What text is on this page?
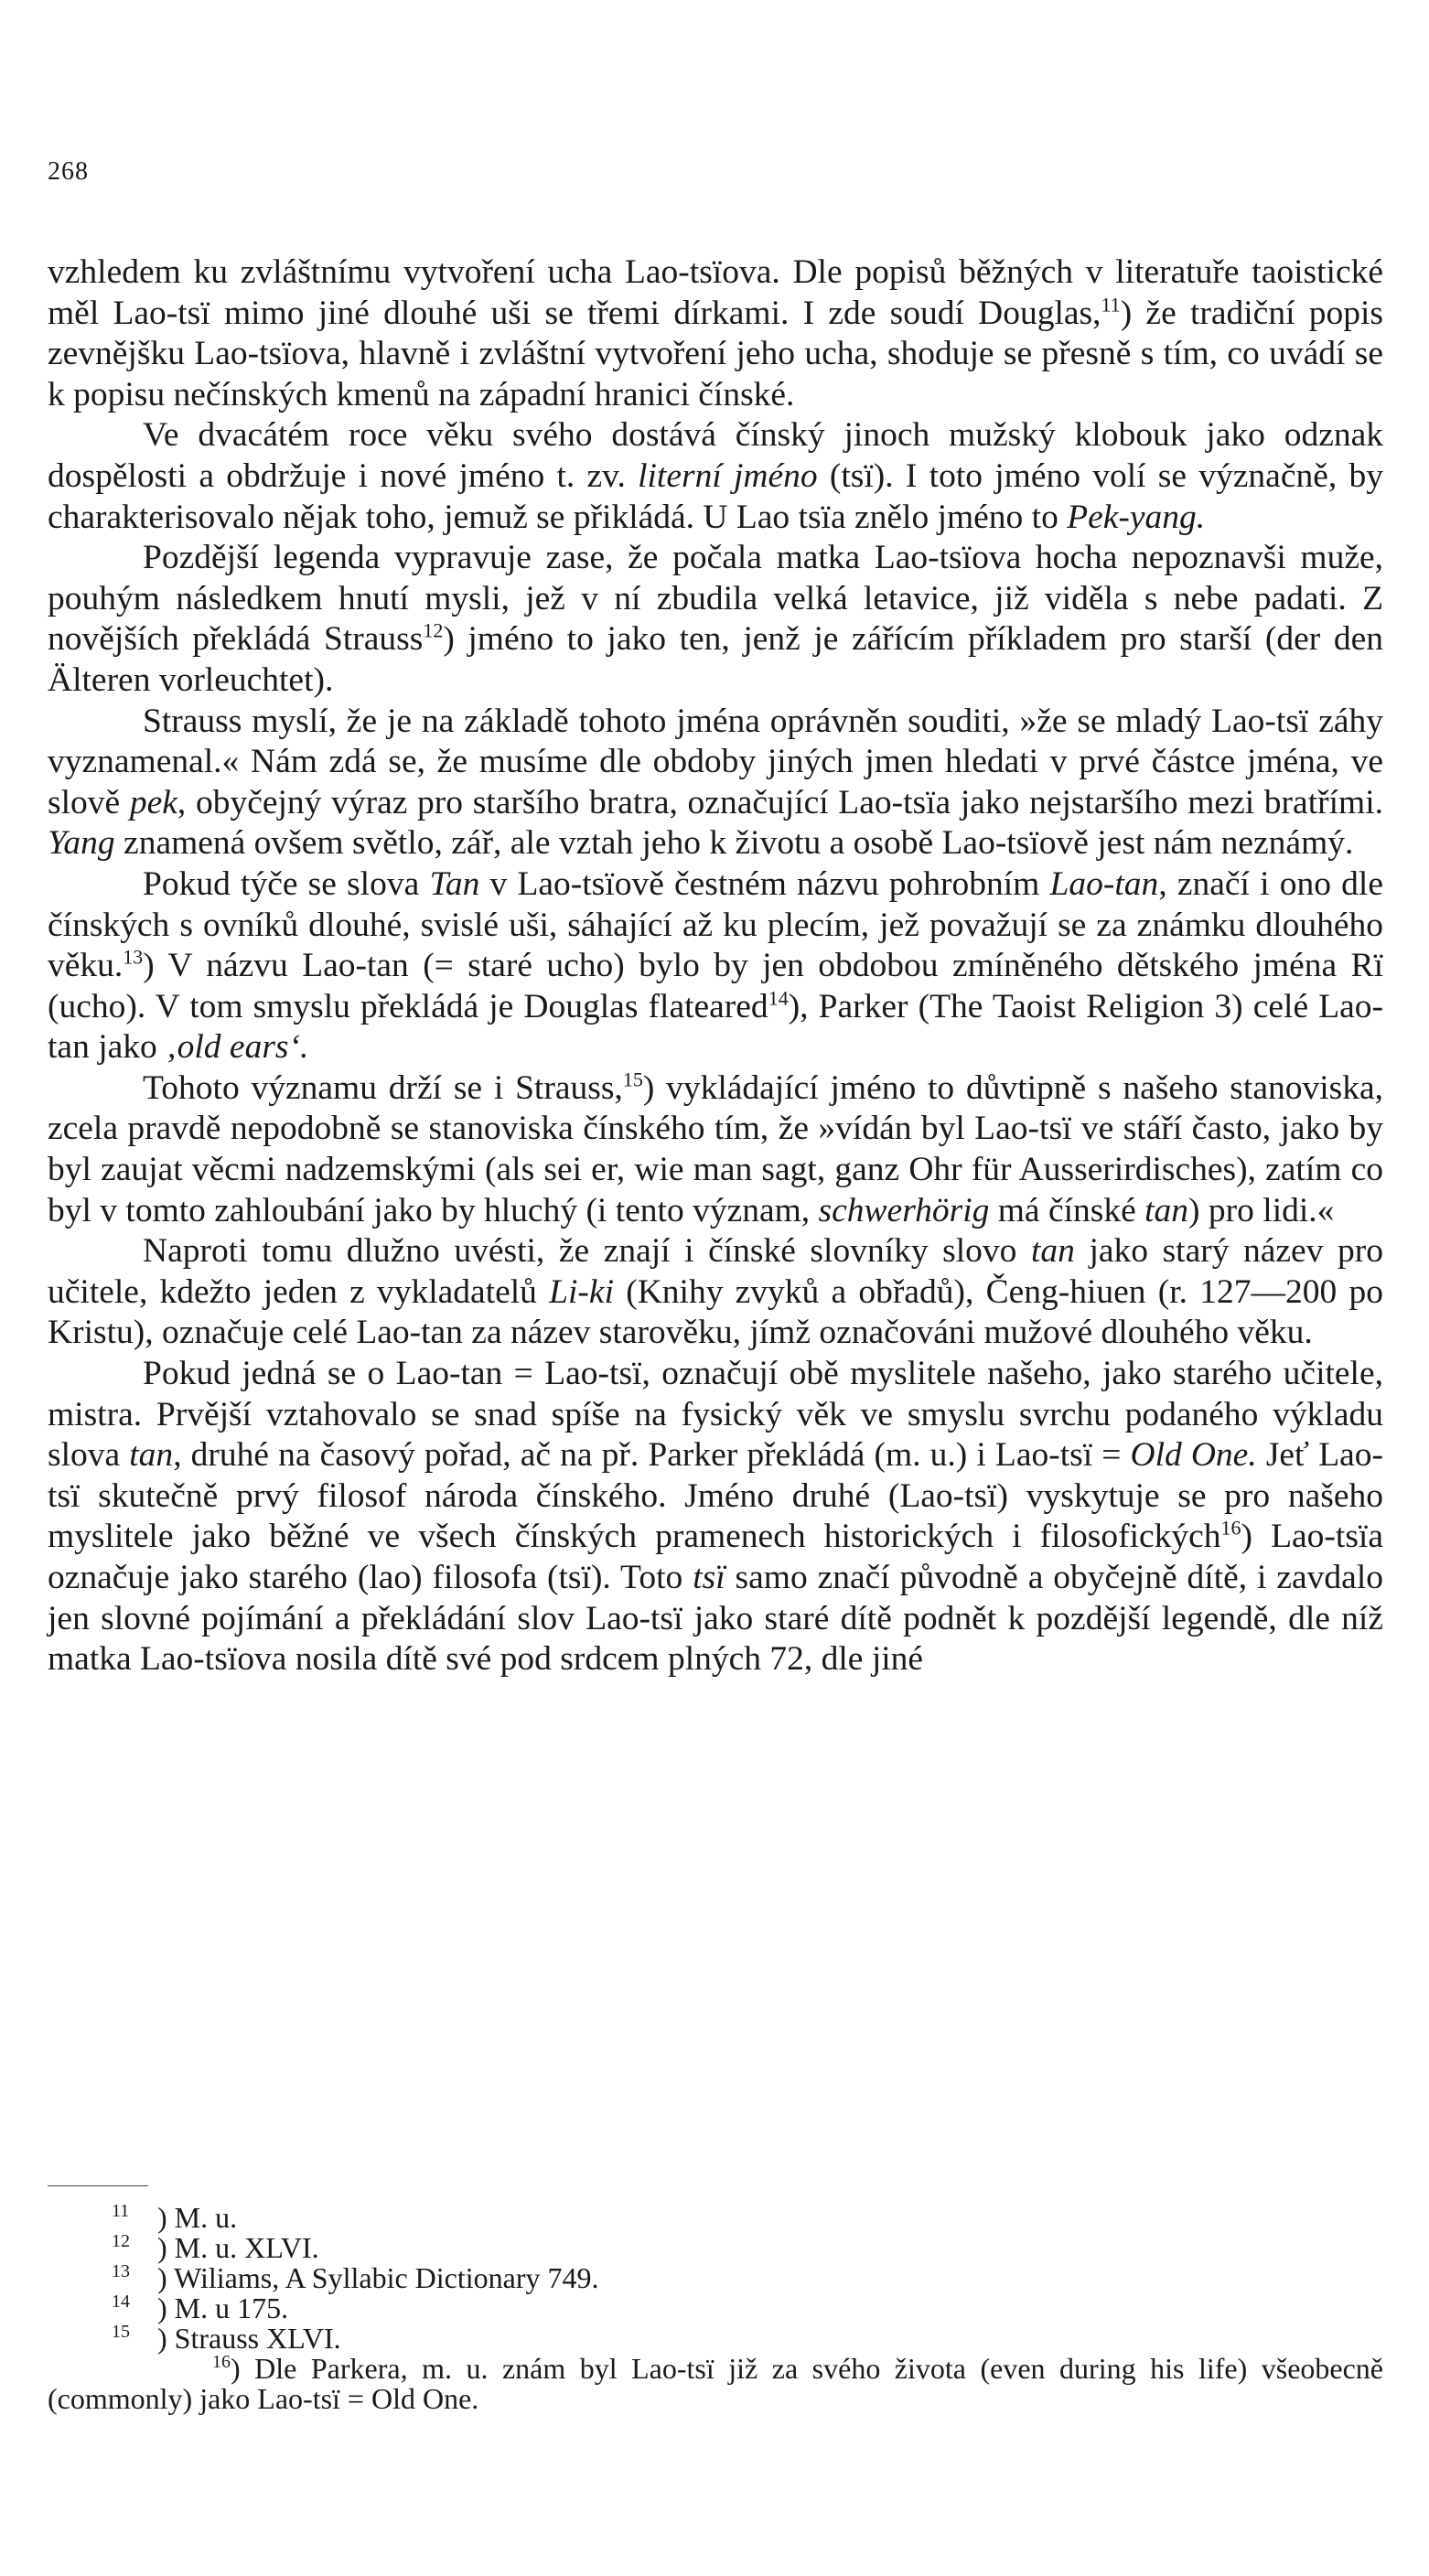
268

vzhledem ku zvláštnímu vytvoření ucha Lao-tsïova. Dle popisů běžných v literatuře taoistické měl Lao-tsï mimo jiné dlouhé uši se třemi dírkami. I zde soudí Douglas,$^{11}$) že tradiční popis zevnějšku Lao-tsïova, hlavně i zvláštní vytvoření jeho ucha, shoduje se přesně s tím, co uvádí se k popisu nečínských kmenů na západní hranici čínské.

Ve dvacátém roce věku svého dostává čínský jinoch mužský klobouk jako odznak dospělosti a obdržuje i nové jméno t. zv. literní jméno (tsï). I toto jméno volí se význačně, by charakterisovalo nějak toho, jemuž se přikládá. U Lao tsïa znělo jméno to Pek-yang.

Pozdější legenda vypravuje zase, že počala matka Lao-tsïova hocha nepoznavši muže, pouhým následkem hnutí mysli, jež v ní zbudila velká letavice, již viděla s nebe padati. Z novějších překládá Strauss$^{12}$) jméno to jako ten, jenž je zářícím příkladem pro starší (der den Älteren vorleuchtet).

Strauss myslí, že je na základě tohoto jména oprávněn souditi, »že se mladý Lao-tsï záhy vyznamenal.« Nám zdá se, že musíme dle obdoby jiných jmen hledati v prvé částce jména, ve slově pek, obyčejný výraz pro staršího bratra, označující Lao-tsïa jako nejstaršího mezi bratřími. Yang znamená ovšem světlo, zář, ale vztah jeho k životu a osobě Lao-tsïově jest nám neznámý.

Pokud týče se slova Tan v Lao-tsïově čestném názvu pohrobním Lao-tan, značí i ono dle čínských s ovníků dlouhé, svislé uši, sáhající až ku plecím, jež považují se za známku dlouhého věku.$^{13}$) V názvu Lao-tan (= staré ucho) bylo by jen obdobou zmíněného dětského jména Rï (ucho). V tom smyslu překládá je Douglas flateared$^{14}$), Parker (The Taoist Religion 3) celé Lao-tan jako ‚old ears‘.

Tohoto významu drží se i Strauss,$^{15}$) vykládající jméno to důvtipně s našeho stanoviska, zcela pravdě nepodobně se stanoviska čínského tím, že »vídán byl Lao-tsï ve stáří často, jako by byl zaujat věcmi nadzemskými (als sei er, wie man sagt, ganz Ohr für Ausserirdisches), zatím co byl v tomto zahloubání jako by hluchý (i tento význam, schwerhörig má čínské tan) pro lidi.«

Naproti tomu dlužno uvésti, že znají i čínské slovníky slovo tan jako starý název pro učitele, kdežto jeden z vykladatelů Li-ki (Knihy zvyků a obřadů), Čeng-hiuen (r. 127—200 po Kristu), označuje celé Lao-tan za název starověku, jímž označováni mužové dlouhého věku.

Pokud jedná se o Lao-tan = Lao-tsï, označují obě myslitele našeho, jako starého učitele, mistra. Prvější vztahovalo se snad spíše na fysický věk ve smyslu svrchu podaného výkladu slova tan, druhé na časový pořad, ač na př. Parker překládá (m. u.) i Lao-tsï = Old One. Jeť Lao-tsï skutečně prvý filosof národa čínského. Jméno druhé (Lao-tsï) vyskytuje se pro našeho myslitele jako běžné ve všech čínských pramenech historických i filosofických$^{16}$) Lao-tsïa označuje jako starého (lao) filosofa (tsï). Toto tsï samo značí původně a obyčejně dítě, i zavdalo jen slovné pojímání a překládání slov Lao-tsï jako staré dítě podnět k pozdější legendě, dle níž matka Lao-tsïova nosila dítě své pod srdcem plných 72, dle jiné

11 ) M. u.

12 ) M. u. XLVI.

13 ) Wiliams, A Syllabic Dictionary 749.

14 ) M. u 175.

15 ) Strauss XLVI.

16) Dle Parkera, m. u. znám byl Lao-tsï již za svého života (even during his life) všeobecně (commonly) jako Lao-tsï = Old One.
